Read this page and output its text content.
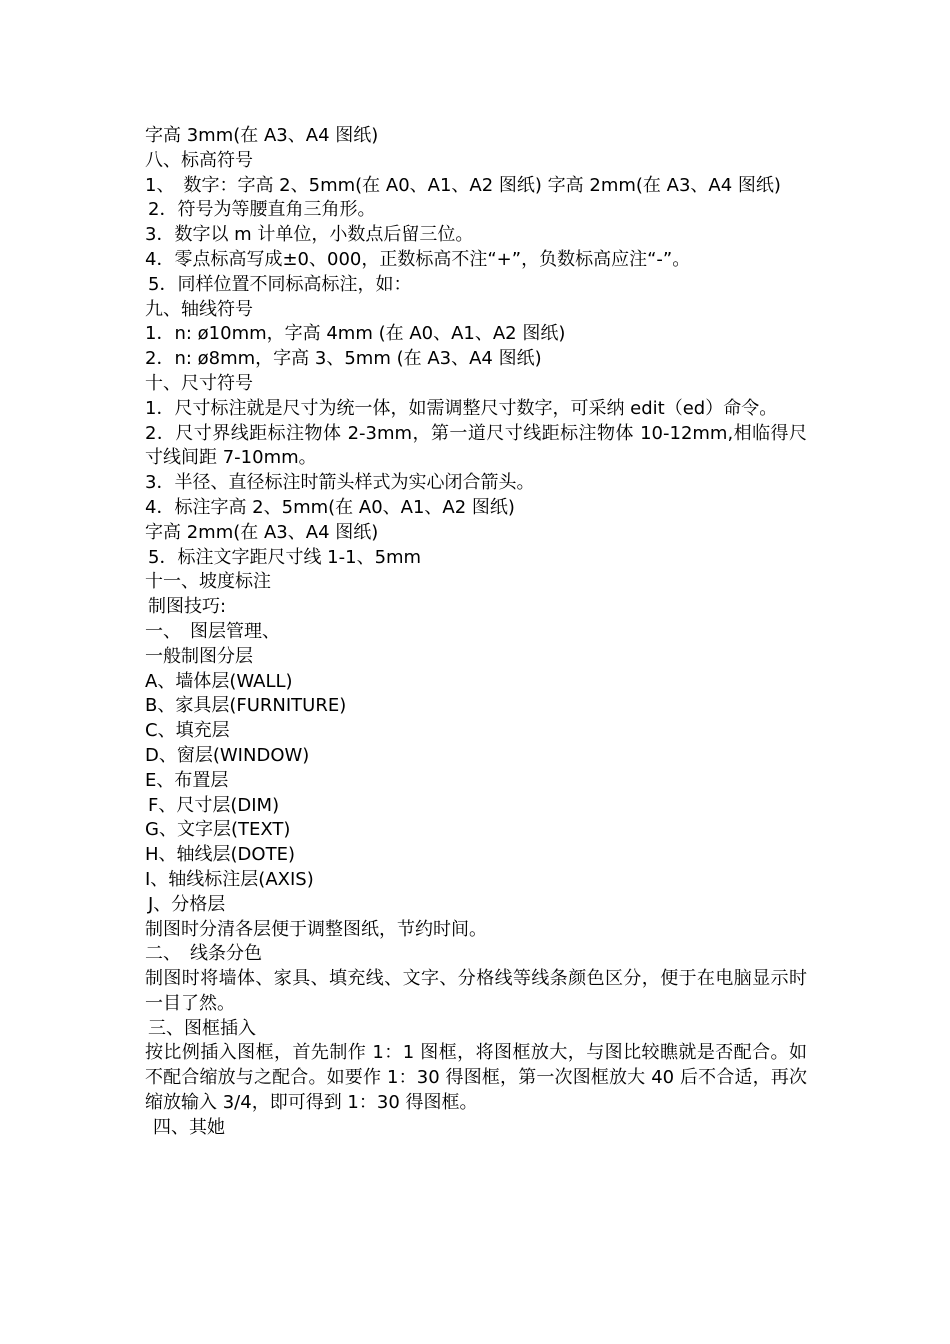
字高 3mm(在 A3、A4 图纸)
八、标高符号
1、　数字：字高 2、5mm(在 A0、A1、A2 图纸) 字高 2mm(在 A3、A4 图纸)
2．符号为等腰直角三角形。
3．数字以 m 计单位，小数点后留三位。
4．零点标高写成±0、000，正数标高不注“+”，负数标高应注“-”。
5．同样位置不同标高标注，如：
九、轴线符号
1．n: ø10mm，字高 4mm (在 A0、A1、A2 图纸)
2．n: ø8mm，字高 3、5mm (在 A3、A4 图纸)
十、尺寸符号
1．尺寸标注就是尺寸为统一体，如需调整尺寸数字，可采纳 edit（ed）命令。
2．尺寸界线距标注物体 2-3mm，第一道尺寸线距标注物体 10-12mm,相临得尺寸线间距 7-10mm。
3．半径、直径标注时箭头样式为实心闭合箭头。
4．标注字高 2、5mm(在 A0、A1、A2 图纸)
字高 2mm(在 A3、A4 图纸)
5．标注文字距尺寸线 1-1、5mm
十一、坡度标注
制图技巧:
一、　图层管理、
一般制图分层
A、墙体层(WALL)
B、家具层(FURNITURE)
C、填充层
D、窗层(WINDOW)
E、布置层
F、尺寸层(DIM)
G、文字层(TEXT)
H、轴线层(DOTE)
I、轴线标注层(AXIS)
J、分格层
制图时分清各层便于调整图纸，节约时间。
二、　线条分色
制图时将墙体、家具、填充线、文字、分格线等线条颜色区分，便于在电脑显示时一目了然。
三、图框插入
按比例插入图框，首先制作 1：1 图框，将图框放大，与图比较瞧就是否配合。如不配合缩放与之配合。如要作 1：30 得图框，第一次图框放大 40 后不合适，再次缩放输入 3/4，即可得到 1：30 得图框。
四、其她
